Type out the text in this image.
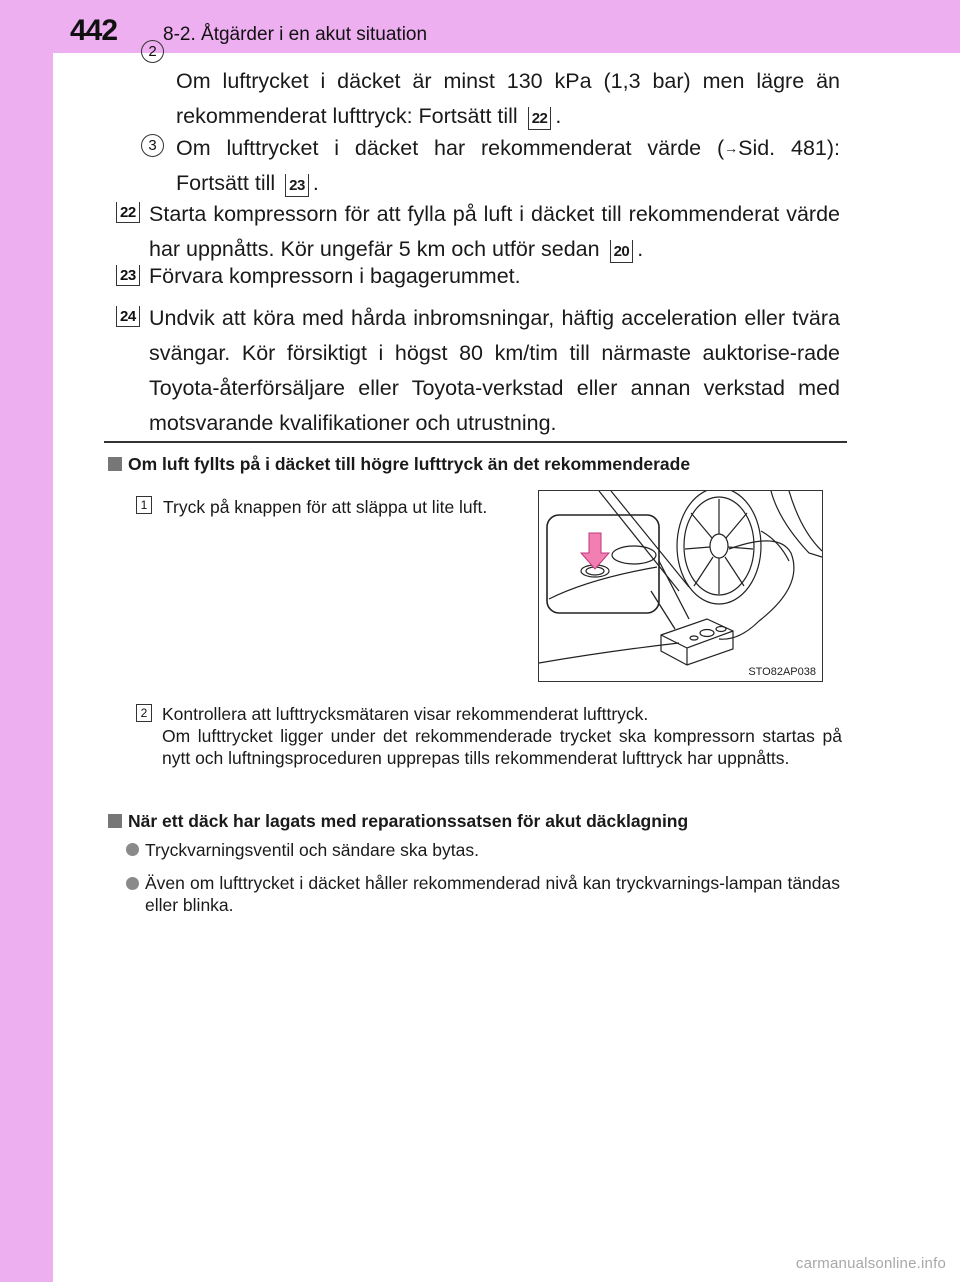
442 8-2. Åtgärder i en akut situation
2
Om luftrycket i däcket är minst 130 kPa (1,3 bar) men lägre än rekommenderat lufttryck: Fortsätt till 22 .
3 Om lufttrycket i däcket har rekommenderat värde (→Sid. 481): Fortsätt till 23 .
22 Starta kompressorn för att fylla på luft i däcket till rekommenderat värde har uppnåtts. Kör ungefär 5 km och utför sedan 20 .
23 Förvara kompressorn i bagagerummet.
24 Undvik att köra med hårda inbromsningar, häftig acceleration eller tvära svängar. Kör försiktigt i högst 80 km/tim till närmaste auktorise-rade Toyota-återförsäljare eller Toyota-verkstad eller annan verkstad med motsvarande kvalifikationer och utrustning.
Om luft fyllts på i däcket till högre lufttryck än det rekommenderade
1 Tryck på knappen för att släppa ut lite luft.
STO82AP038
2 Kontrollera att lufttrycksmätaren visar rekommenderat lufttryck.
Om lufttrycket ligger under det rekommenderade trycket ska kompressorn startas på nytt och luftningsproceduren upprepas tills rekommenderat lufttryck har uppnåtts.
När ett däck har lagats med reparationssatsen för akut däcklagning
Tryckvarningsventil och sändare ska bytas.
Även om lufttrycket i däcket håller rekommenderad nivå kan tryckvarnings-lampan tändas eller blinka.
carmanualsonline.info
